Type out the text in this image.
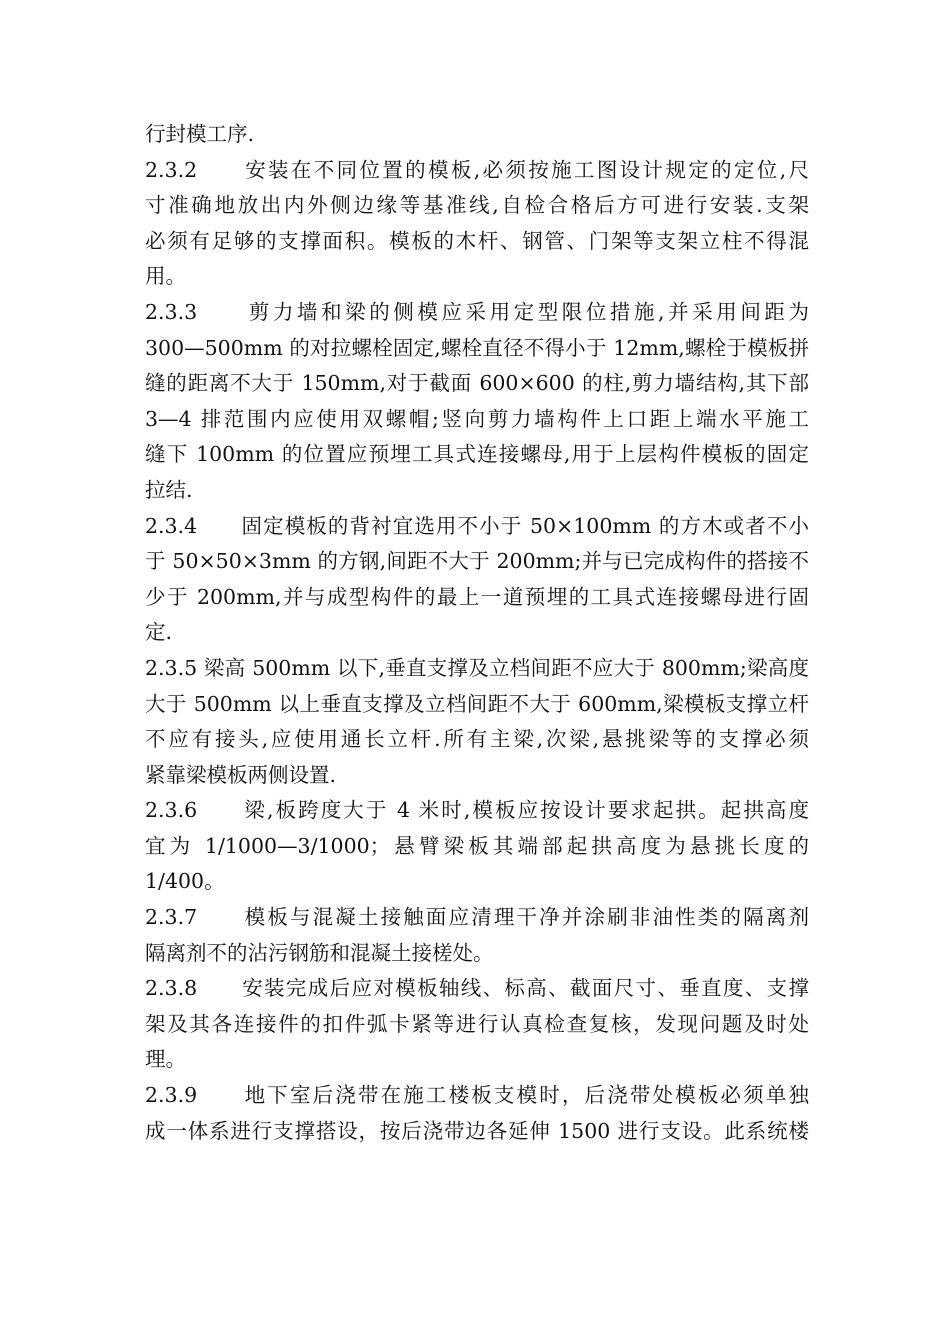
行封模工序.
2.3.2　　安装在不同位置的模板,必须按施工图设计规定的定位,尺
寸准确地放出内外侧边缘等基准线,自检合格后方可进行安装.支架
必须有足够的支撑面积。模板的木杆、钢管、门架等支架立柱不得混
用。
2.3.3　　剪力墙和梁的侧模应采用定型限位措施,并采用间距为
300—500mm 的对拉螺栓固定,螺栓直径不得小于 12mm,螺栓于模板拼
缝的距离不大于 150mm,对于截面 600×600 的柱,剪力墙结构,其下部
3—4 排范围内应使用双螺帽;竖向剪力墙构件上口距上端水平施工
缝下 100mm 的位置应预埋工具式连接螺母,用于上层构件模板的固定
拉结.
2.3.4　　固定模板的背衬宜选用不小于 50×100mm 的方木或者不小
于 50×50×3mm 的方钢,间距不大于 200mm;并与已完成构件的搭接不
少于 200mm,并与成型构件的最上一道预埋的工具式连接螺母进行固
定.
2.3.5 梁高 500mm 以下,垂直支撑及立档间距不应大于 800mm;梁高度
大于 500mm 以上垂直支撑及立档间距不大于 600mm,梁模板支撑立杆
不应有接头,应使用通长立杆.所有主梁,次梁,悬挑梁等的支撑必须
紧靠梁模板两侧设置.
2.3.6　　梁,板跨度大于 4 米时,模板应按设计要求起拱。起拱高度
宜为 1/1000—3/1000；悬臂梁板其端部起拱高度为悬挑长度的
1/400。
2.3.7　　模板与混凝土接触面应清理干净并涂刷非油性类的隔离剂
隔离剂不的沾污钢筋和混凝土接槎处。
2.3.8　　安装完成后应对模板轴线、标高、截面尺寸、垂直度、支撑
架及其各连接件的扣件弧卡紧等进行认真检查复核，发现问题及时处
理。
2.3.9　　地下室后浇带在施工楼板支模时，后浇带处模板必须单独
成一体系进行支撑搭设，按后浇带边各延伸 1500 进行支设。此系统楼
